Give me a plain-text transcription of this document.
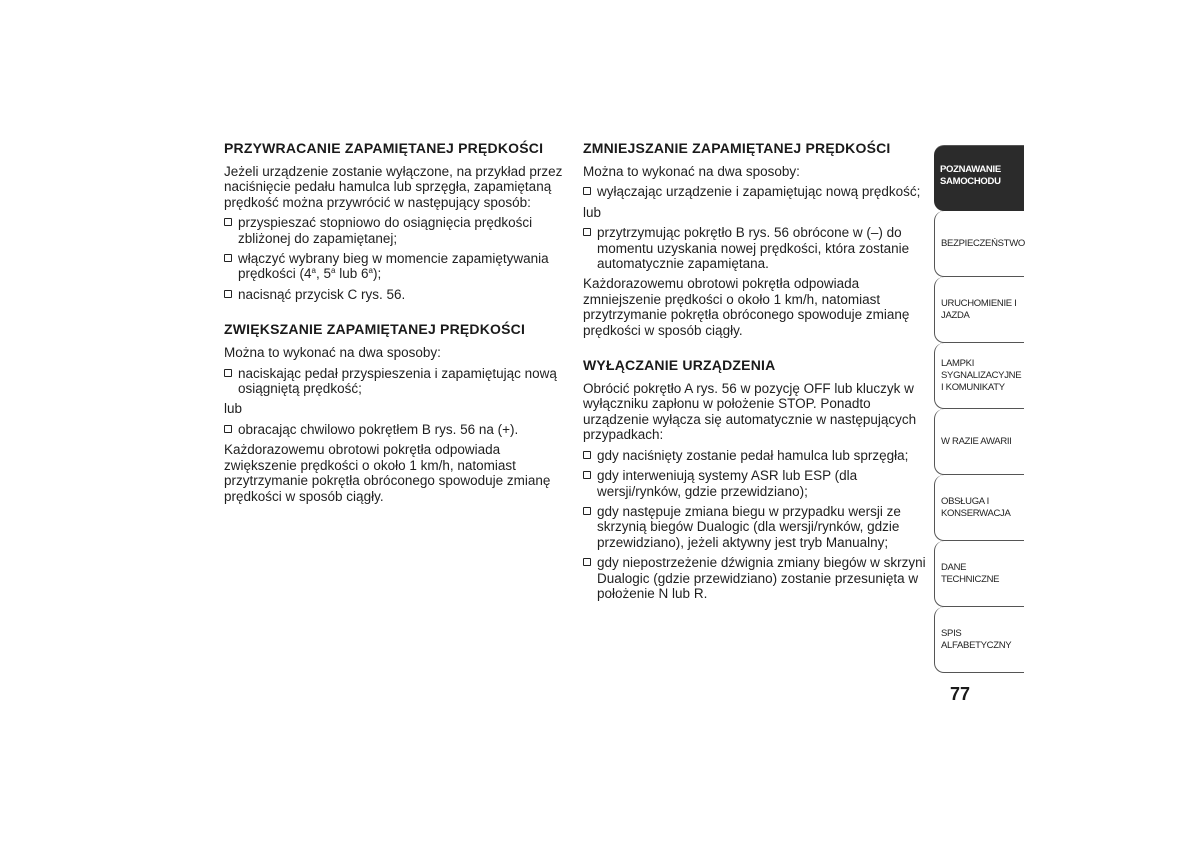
PRZYWRACANIE ZAPAMIĘTANEJ PRĘDKOŚCI

Jeżeli urządzenie zostanie wyłączone, na przykład przez naciśnięcie pedału hamulca lub sprzęgła, zapamiętaną prędkość można przywrócić w następujący sposób:

przyspieszać stopniowo do osiągnięcia prędkości zbliżonej do zapamiętanej;

włączyć wybrany bieg w momencie zapamiętywania prędkości (4$^a$, 5$^a$ lub 6$^a$);

nacisnąć przycisk C rys. 56.

ZWIĘKSZANIE ZAPAMIĘTANEJ PRĘDKOŚCI

Można to wykonać na dwa sposoby:

naciskając pedał przyspieszenia i zapamiętując nową osiągniętą prędkość;

lub

obracając chwilowo pokrętłem B rys. 56 na (+).

Każdorazowemu obrotowi pokrętła odpowiada zwiększenie prędkości o około 1 km/h, natomiast przytrzymanie pokrętła obróconego spowoduje zmianę prędkości w sposób ciągły.

ZMNIEJSZANIE ZAPAMIĘTANEJ PRĘDKOŚCI

Można to wykonać na dwa sposoby:

wyłączając urządzenie i zapamiętując nową prędkość;

lub

przytrzymując pokrętło B rys. 56 obrócone w (–) do momentu uzyskania nowej prędkości, która zostanie automatycznie zapamiętana.

Każdorazowemu obrotowi pokrętła odpowiada zmniejszenie prędkości o około 1 km/h, natomiast przytrzymanie pokrętła obróconego spowoduje zmianę prędkości w sposób ciągły.

WYŁĄCZANIE URZĄDZENIA

Obrócić pokrętło A rys. 56 w pozycję OFF lub kluczyk w wyłączniku zapłonu w położenie STOP. Ponadto urządzenie wyłącza się automatycznie w następujących przypadkach:

gdy naciśnięty zostanie pedał hamulca lub sprzęgła;

gdy interweniują systemy ASR lub ESP (dla wersji/rynków, gdzie przewidziano);

gdy następuje zmiana biegu w przypadku wersji ze skrzynią biegów Dualogic (dla wersji/rynków, gdzie przewidziano), jeżeli aktywny jest tryb Manualny;

gdy niepostrzeżenie dźwignia zmiany biegów w skrzyni Dualogic (gdzie przewidziano) zostanie przesunięta w położenie N lub R.

POZNAWANIE SAMOCHODU
BEZPIECZEŃSTWO
URUCHOMIENIE I JAZDA
LAMPKI SYGNALIZACYJNE I KOMUNIKATY
W RAZIE AWARII
OBSŁUGA I KONSERWACJA
DANE TECHNICZNE
SPIS ALFABETYCZNY
77
